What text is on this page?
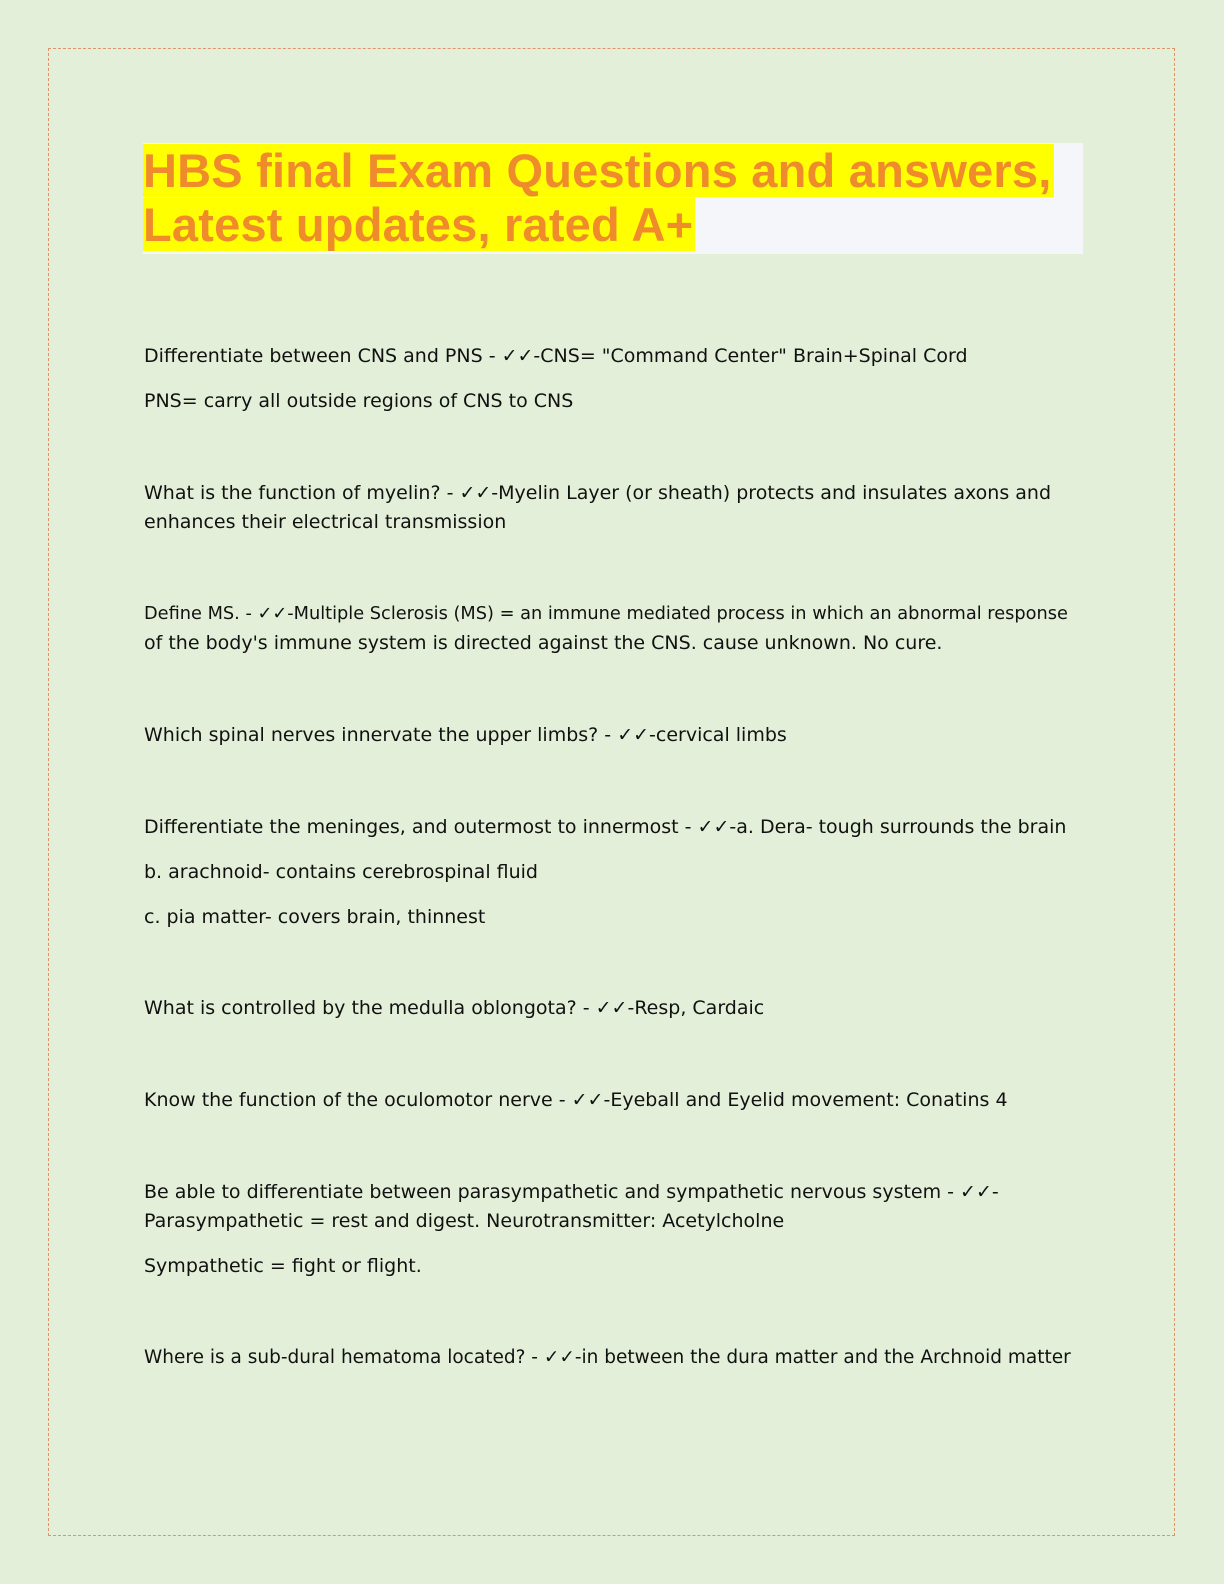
HBS final Exam Questions and answers,
Latest updates, rated A+

Differentiate between CNS and PNS - ✓✓-CNS= "Command Center" Brain+Spinal Cord

PNS= carry all outside regions of CNS to CNS

What is the function of myelin? - ✓✓-Myelin Layer (or sheath) protects and insulates axons and

enhances their electrical transmission

Define MS. - ✓✓-Multiple Sclerosis (MS) = an immune mediated process in which an abnormal response

of the body's immune system is directed against the CNS. cause unknown. No cure.

Which spinal nerves innervate the upper limbs? - ✓✓-cervical limbs

Differentiate the meninges, and outermost to innermost - ✓✓-a. Dera- tough surrounds the brain

b. arachnoid- contains cerebrospinal fluid

c. pia matter- covers brain, thinnest

What is controlled by the medulla oblongota? - ✓✓-Resp, Cardaic

Know the function of the oculomotor nerve - ✓✓-Eyeball and Eyelid movement: Conatins 4

Be able to differentiate between parasympathetic and sympathetic nervous system - ✓✓-

Parasympathetic = rest and digest. Neurotransmitter: Acetylcholne

Sympathetic = fight or flight.

Where is a sub-dural hematoma located? - ✓✓-in between the dura matter and the Archnoid matter
